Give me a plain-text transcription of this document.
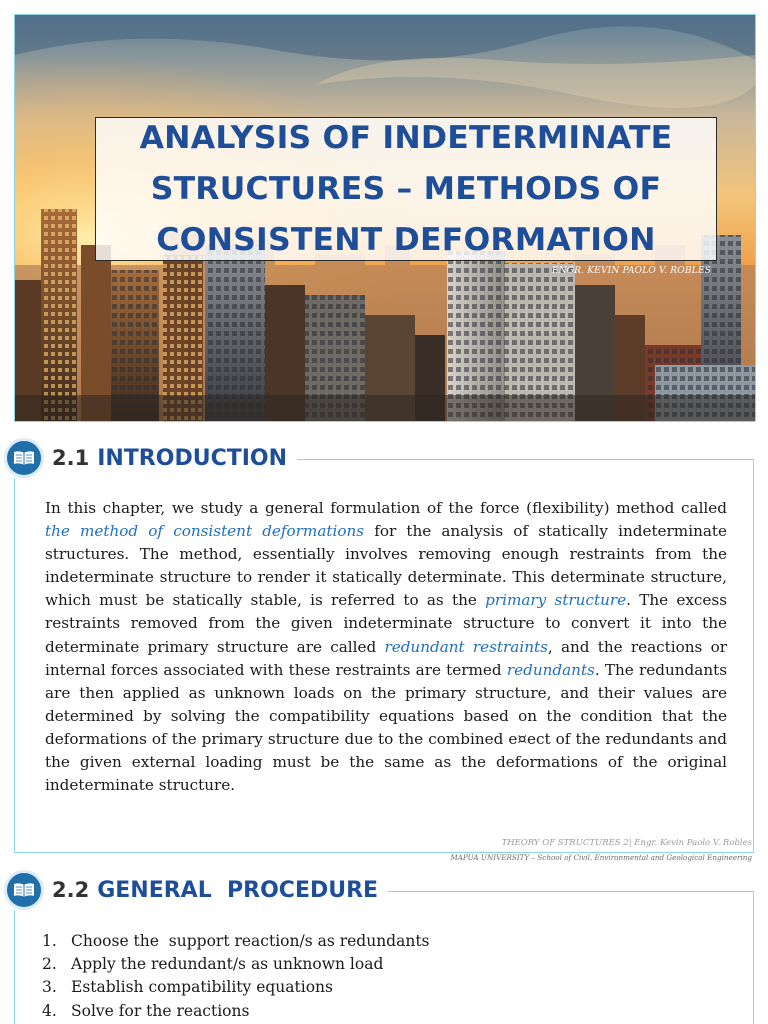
ANALYSIS OF INDETERMINATE
STRUCTURES – METHODS OF
CONSISTENT DEFORMATION
ENGR. KEVIN PAOLO V. ROBLES
2.1 INTRODUCTION

In this chapter, we study a general formulation of the force (flexibility) method called the method of consistent deformations for the analysis of statically indeterminate structures. The method, essentially involves removing enough restraints from the indeterminate structure to render it statically determinate. This determinate structure, which must be statically stable, is referred to as the primary structure. The excess restraints removed from the given indeterminate structure to convert it into the determinate primary structure are called redundant restraints, and the reactions or internal forces associated with these restraints are termed redundants. The redundants are then applied as unknown loads on the primary structure, and their values are determined by solving the compatibility equations based on the condition that the deformations of the primary structure due to the combined e¤ect of the redundants and the given external loading must be the same as the deformations of the original indeterminate structure.

THEORY OF STRUCTURES 2| Engr. Kevin Paolo V. Robles
MAPUA UNIVERSITY – School of Civil, Environmental and Geological Engineering
2.2 GENERAL  PROCEDURE
1. Choose the  support reaction/s as redundants
2. Apply the redundant/s as unknown load
3. Establish compatibility equations
4. Solve for the reactions
